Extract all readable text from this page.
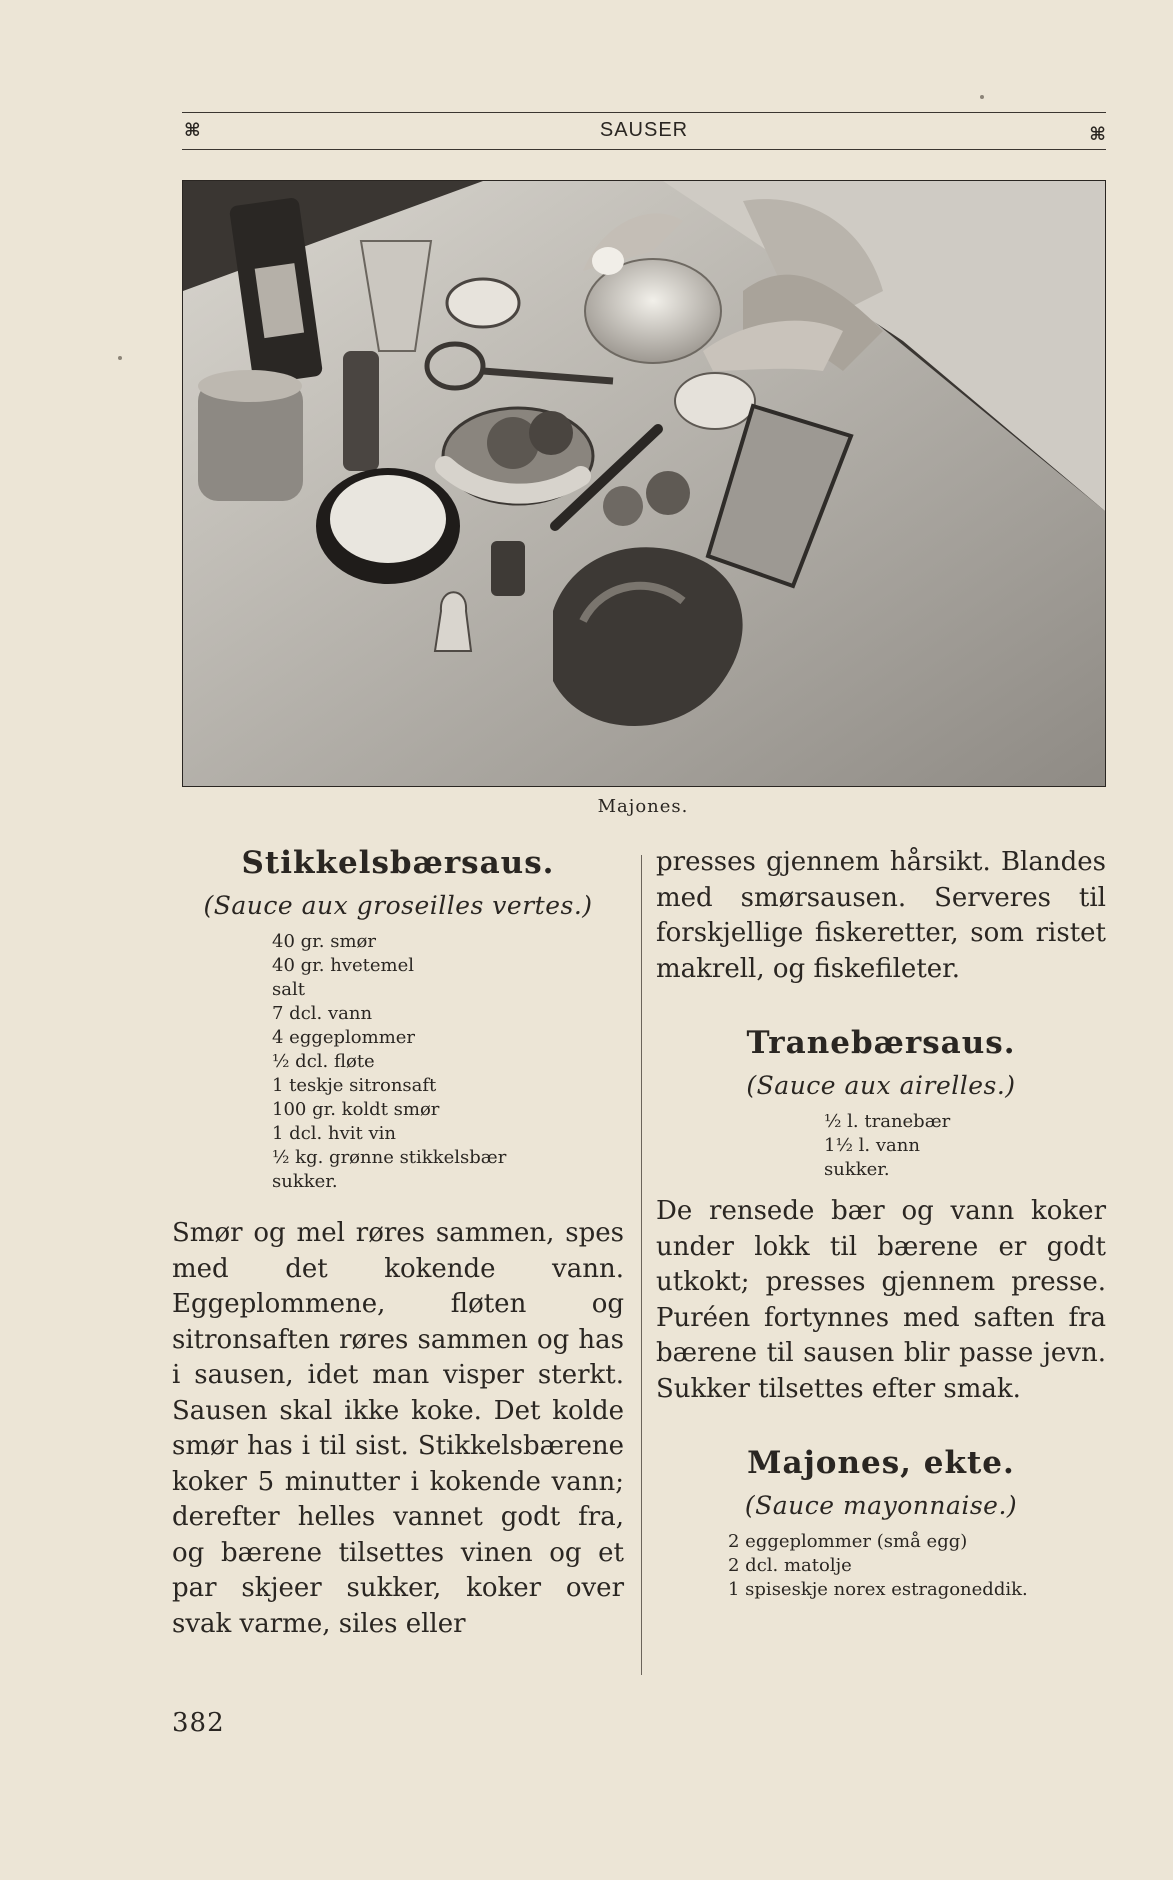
⌘	SAUSER	⌘
Majones.
Stikkelsbærsaus.

(Sauce aux groseilles vertes.)

40 gr. smør
40 gr. hvetemel
salt
7 dcl. vann
4 eggeplommer
½ dcl. fløte
1 teskje sitronsaft
100 gr. koldt smør
1 dcl. hvit vin
½ kg. grønne stikkelsbær
sukker.

Smør og mel røres sammen, spes med det kokende vann. Eggeplommene, fløten og sitronsaften røres sammen og has i sausen, idet man visper sterkt. Sausen skal ikke koke. Det kolde smør has i til sist. Stikkelsbærene koker 5 minutter i kokende vann; derefter helles vannet godt fra, og bærene tilsettes vinen og et par skjeer sukker, koker over svak varme, siles eller

presses gjennem hårsikt. Blandes med smørsausen. Serveres til forskjellige fiskeretter, som ristet makrell, og fiskefileter.

Tranebærsaus.

(Sauce aux airelles.)

½ l. tranebær
1½ l. vann
sukker.

De rensede bær og vann koker under lokk til bærene er godt utkokt; presses gjennem presse. Puréen fortynnes med saften fra bærene til sausen blir passe jevn. Sukker tilsettes efter smak.

Majones, ekte.

(Sauce mayonnaise.)

2 eggeplommer (små egg)
2 dcl. matolje
1 spiseskje norex estragoneddik.
382
